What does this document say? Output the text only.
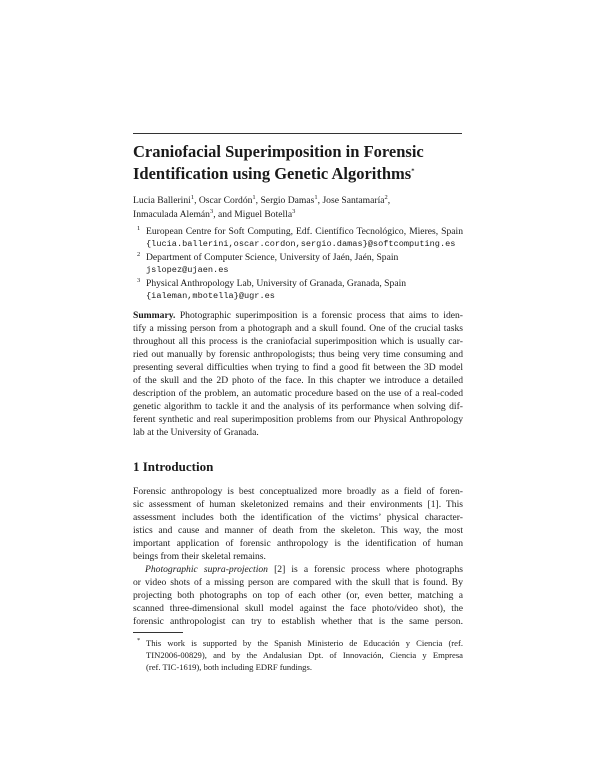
Craniofacial Superimposition in Forensic
Identification using Genetic Algorithms*
Lucia Ballerini$^1$, Oscar Cordón$^1$, Sergio Damas$^1$, Jose Santamaría$^2$,
Inmaculada Alemán$^3$, and Miguel Botella$^3$
$^1$ European Centre for Soft Computing, Edf. Científico Tecnológico, Mieres, Spain
{lucia.ballerini,oscar.cordon,sergio.damas}@softcomputing.es
$^2$ Department of Computer Science, University of Jaén, Jaén, Spain
jslopez@ujaen.es
$^3$ Physical Anthropology Lab, University of Granada, Granada, Spain
{ialeman,mbotella}@ugr.es
Summary. Photographic superimposition is a forensic process that aims to iden-
tify a missing person from a photograph and a skull found. One of the crucial tasks
throughout all this process is the craniofacial superimposition which is usually car-
ried out manually by forensic anthropologists; thus being very time consuming and
presenting several difficulties when trying to find a good fit between the 3D model
of the skull and the 2D photo of the face. In this chapter we introduce a detailed
description of the problem, an automatic procedure based on the use of a real-coded
genetic algorithm to tackle it and the analysis of its performance when solving dif-
ferent synthetic and real superimposition problems from our Physical Anthropology
lab at the University of Granada.
1 Introduction
Forensic anthropology is best conceptualized more broadly as a field of foren-
sic assessment of human skeletonized remains and their environments [1]. This
assessment includes both the identification of the victims’ physical character-
istics and cause and manner of death from the skeleton. This way, the most
important application of forensic anthropology is the identification of human
beings from their skeletal remains.
Photographic supra-projection [2] is a forensic process where photographs
or video shots of a missing person are compared with the skull that is found. By
projecting both photographs on top of each other (or, even better, matching a
scanned three-dimensional skull model against the face photo/video shot), the
forensic anthropologist can try to establish whether that is the same person.
* This work is supported by the Spanish Ministerio de Educación y Ciencia (ref.
TIN2006-00829), and by the Andalusian Dpt. of Innovación, Ciencia y Empresa
(ref. TIC-1619), both including EDRF fundings.
